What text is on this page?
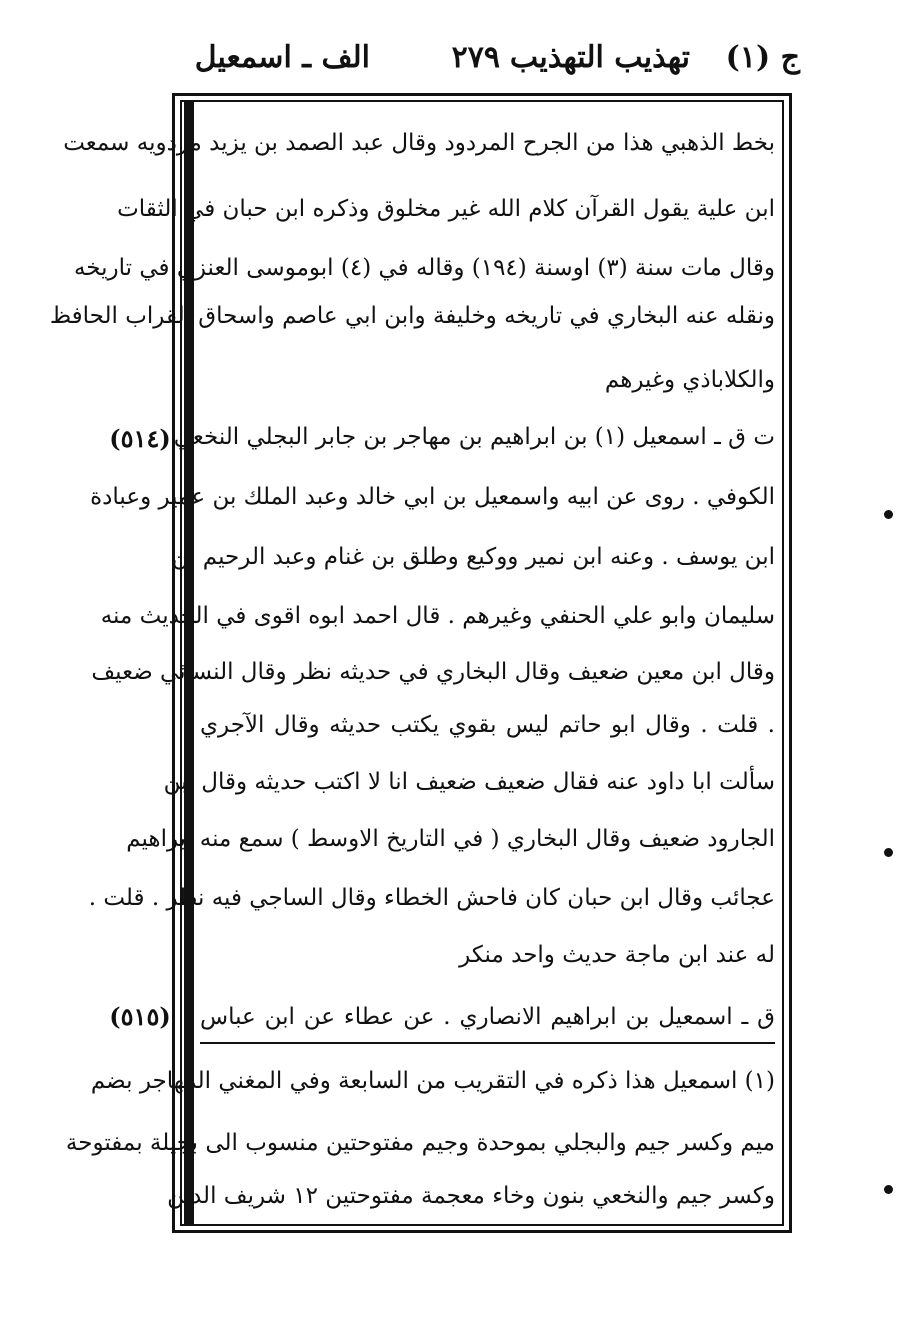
ج (١)
تهذيب التهذيب
٢٧٩
الف ـ اسمعيل
بخط الذهبي هذا من الجرح المردود وقال عبد الصمد بن يزيد مردويه سمعت
ابن علية يقول القرآن كلام الله غير مخلوق وذكره ابن حبان في الثقات
وقال مات سنة (٣) اوسنة (١٩٤) وقاله في (٤) ابوموسى العنزي في تاريخه
ونقله عنه البخاري في تاريخه وخليفة وابن ابي عاصم واسحاق القراب الحافظ
والكلاباذي وغيرهم
ت ق ـ اسمعيل (١) بن ابراهيم بن مهاجر بن جابر البجلي النخعي
الكوفي . روى عن ابيه واسمعيل بن ابي خالد وعبد الملك بن عمير وعبادة
ابن يوسف . وعنه ابن نمير ووكيع وطلق بن غنام وعبد الرحيم بن
سليمان وابو علي الحنفي وغيرهم . قال احمد ابوه اقوى في الحديث منه
وقال ابن معين ضعيف وقال البخاري في حديثه نظر وقال النسائي ضعيف
. قلت . وقال ابو حاتم ليس بقوي يكتب حديثه وقال الآجري
سألت ابا داود عنه فقال ضعيف ضعيف انا لا اكتب حديثه وقال ابن
الجارود ضعيف وقال البخاري ( في التاريخ الاوسط ) سمع منه ابراهيم
عجائب وقال ابن حبان كان فاحش الخطاء وقال الساجي فيه نظر . قلت .
له عند ابن ماجة حديث واحد منكر
ق ـ اسمعيل بن ابراهيم الانصاري . عن عطاء عن ابن عباس
(٥١٤)
(٥١٥)
(١) اسمعيل هذا ذكره في التقريب من السابعة وفي المغني المهاجر بضم
ميم وكسر جيم والبجلي بموحدة وجيم مفتوحتين منسوب الى بجيلة بمفتوحة
وكسر جيم والنخعي بنون وخاء معجمة مفتوحتين ١٢ شريف الدين
